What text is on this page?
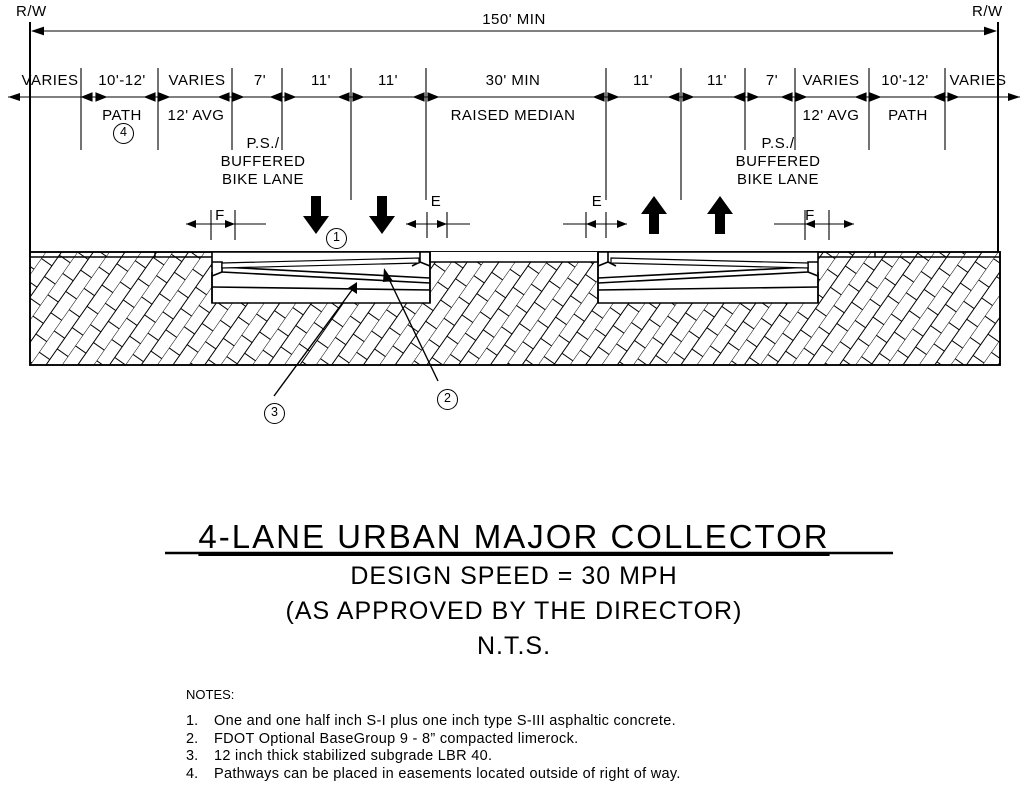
R/W	R/W
150' MIN
VARIES 10'-12' VARIES 7'	11'	11'	30' MIN	11'	11'	7' VARIES 10'-12' VARIES
PATH 12' AVG	RAISED MEDIAN	12' AVG PATH
P.S./
BUFFERED
BIKE LANE
P.S./
BUFFERED
BIKE LANE
F
E	E
F
1
2
3
4
4-LANE URBAN MAJOR COLLECTOR
DESIGN SPEED = 30 MPH
(AS APPROVED BY THE DIRECTOR)
N.T.S.
NOTES:
1.	One and one half inch S-I plus one inch type S-III asphaltic concrete.
2.	FDOT Optional BaseGroup 9 - 8” compacted limerock.
3.	12 inch thick stabilized subgrade LBR 40.
4.	Pathways can be placed in easements located outside of right of way.
